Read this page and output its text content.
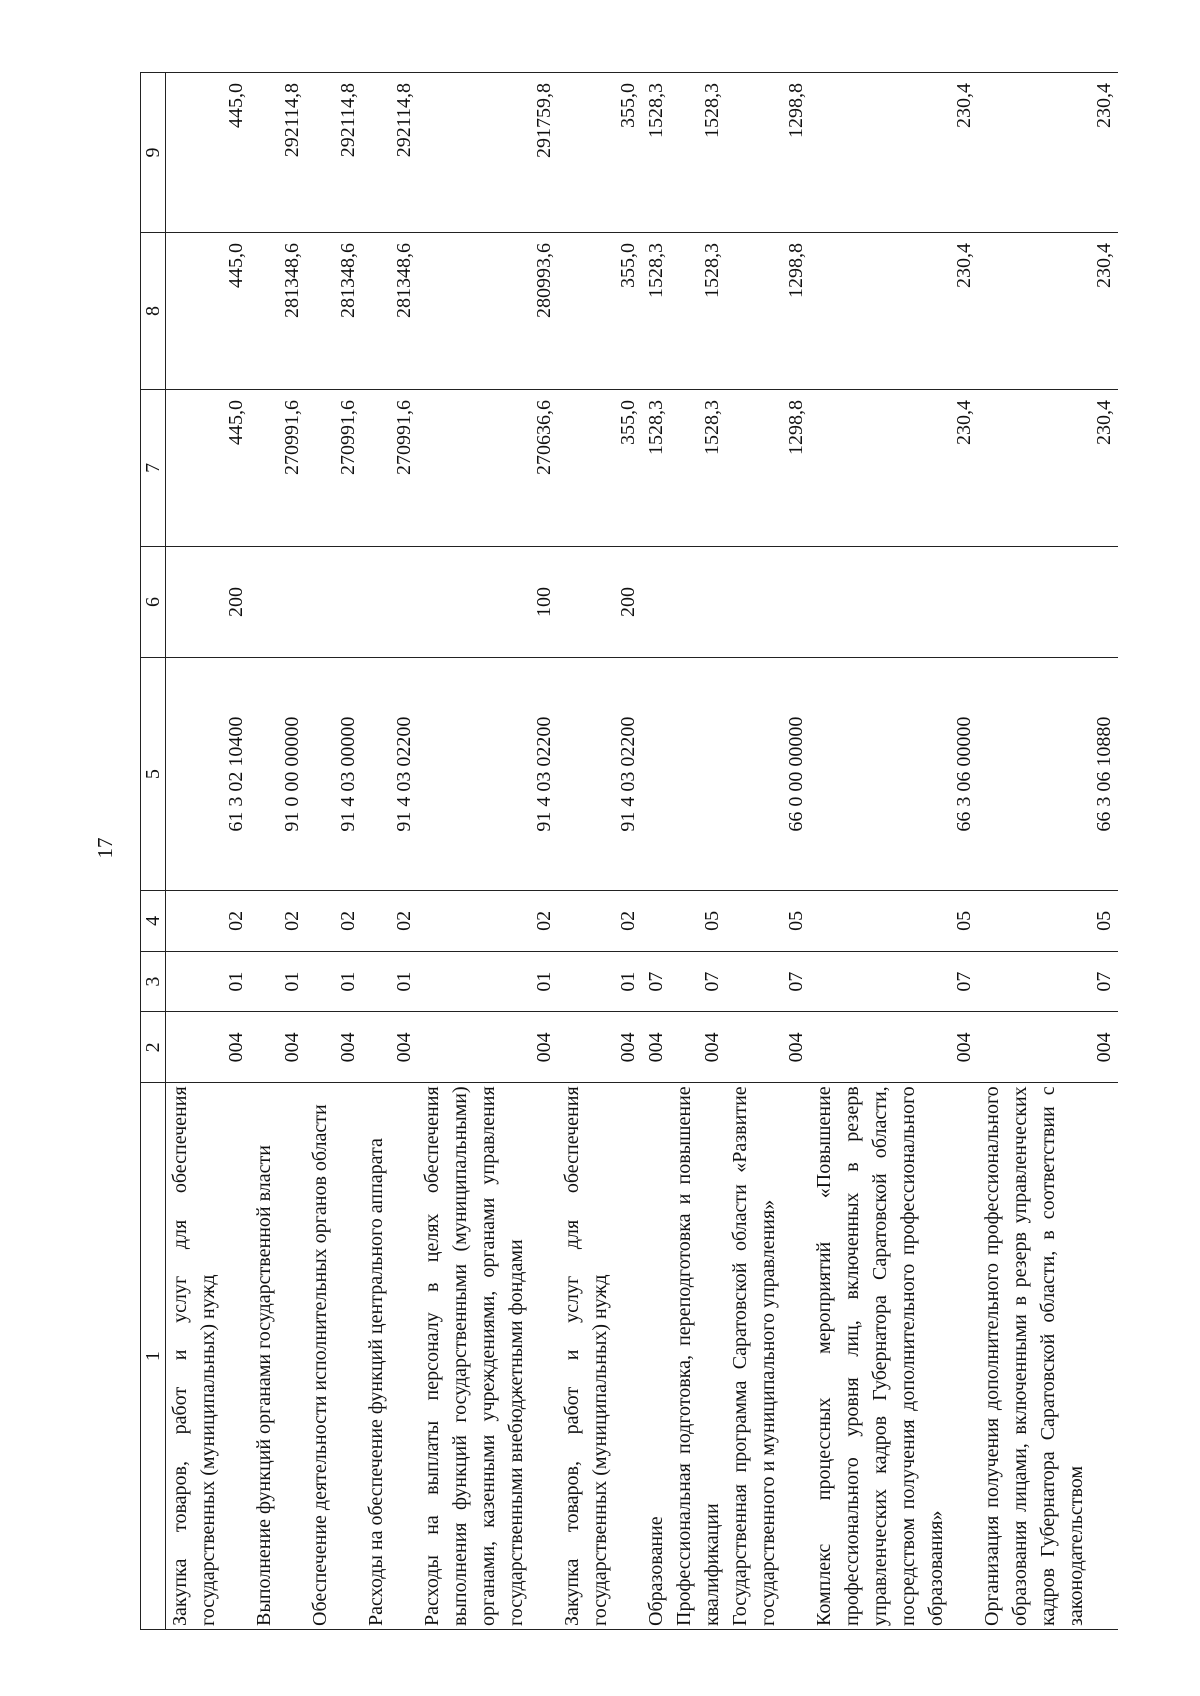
17
1	2	3	4	5	6	7	8	9
Закупка товаров, работ и услуг для обеспечения государственных (муниципальных) нужд	004	01	02	61 3 02 10400	200	445,0	445,0	445,0

Выполнение функций органами государственной власти	004	01	02	91 0 00 00000		270991,6	281348,6	292114,8

Обеспечение деятельности исполнительных органов области	004	01	02	91 4 03 00000		270991,6	281348,6	292114,8

Расходы на обеспечение функций центрального аппарата	004	01	02	91 4 03 02200		270991,6	281348,6	292114,8

Расходы на выплаты персоналу в целях обеспечения выполнения функций государственными (муниципальными) органами, казенными учреждениями, органами управления государственными внебюджетными фондами	004	01	02	91 4 03 02200	100	270636,6	280993,6	291759,8

Закупка товаров, работ и услуг для обеспечения государственных (муниципальных) нужд	004	01	02	91 4 03 02200	200	355,0	355,0	355,0

Образование	004	07				1528,3	1528,3	1528,3

Профессиональная подготовка, переподготовка и повышение квалификации	004	07	05			1528,3	1528,3	1528,3

Государственная программа Саратовской области «Развитие государственного и муниципального управления»	004	07	05	66 0 00 00000		1298,8	1298,8	1298,8

Комплекс процессных мероприятий «Повышение профессионального уровня лиц, включенных в резерв управленческих кадров Губернатора Саратовской области, посредством получения дополнительного профессионального образования»	004	07	05	66 3 06 00000		230,4	230,4	230,4

Организация получения дополнительного профессионального образования лицами, включенными в резерв управленческих кадров Губернатора Саратовской области, в соответствии с законодательством	004	07	05	66 3 06 10880		230,4	230,4	230,4
